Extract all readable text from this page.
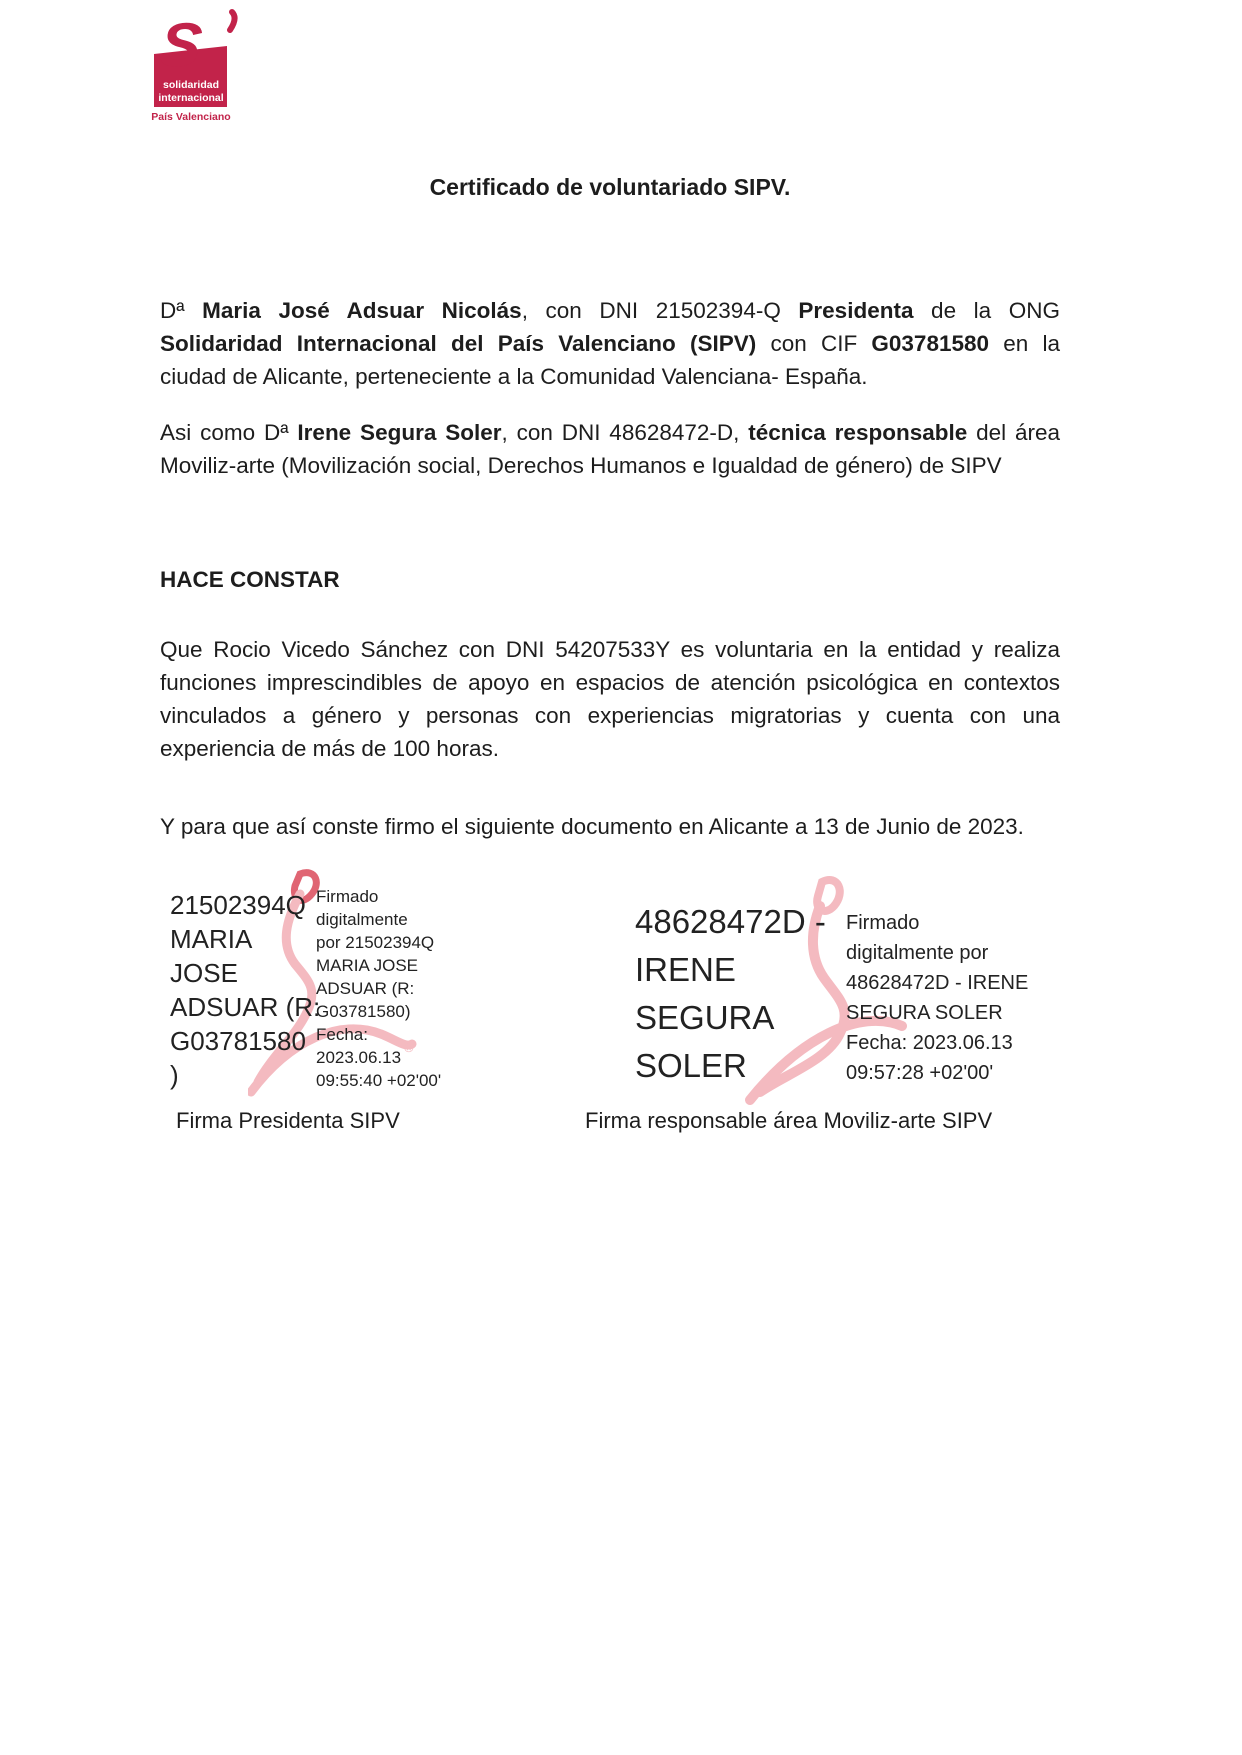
S
solidaridad
internacional
País Valenciano
Certificado de voluntariado SIPV.
Dª Maria José Adsuar Nicolás, con DNI 21502394-Q Presidenta de la ONG
Solidaridad Internacional del País Valenciano (SIPV) con CIF G03781580 en la
ciudad de Alicante, perteneciente a la Comunidad Valenciana- España.
Asi como Dª Irene Segura Soler, con DNI 48628472-D, técnica responsable del área
Moviliz-arte (Movilización social, Derechos Humanos e Igualdad de género) de SIPV
HACE CONSTAR
Que Rocio Vicedo Sánchez con DNI 54207533Y es voluntaria en la entidad y realiza
funciones imprescindibles de apoyo en espacios de atención psicológica en contextos
vinculados a género y personas con experiencias migratorias y cuenta con una
experiencia de más de 100 horas.
Y para que así conste firmo el siguiente documento en Alicante a 13 de Junio de 2023.
®
21502394Q
MARIA
JOSE
ADSUAR (R:
G03781580
)
Firmado
digitalmente
por 21502394Q
MARIA JOSE
ADSUAR (R:
G03781580)
Fecha:
2023.06.13
09:55:40 +02'00'
Firma Presidenta SIPV
48628472D -
IRENE
SEGURA
SOLER
Firmado
digitalmente por
48628472D - IRENE
SEGURA SOLER
Fecha: 2023.06.13
09:57:28 +02'00'
Firma responsable área Moviliz-arte SIPV
